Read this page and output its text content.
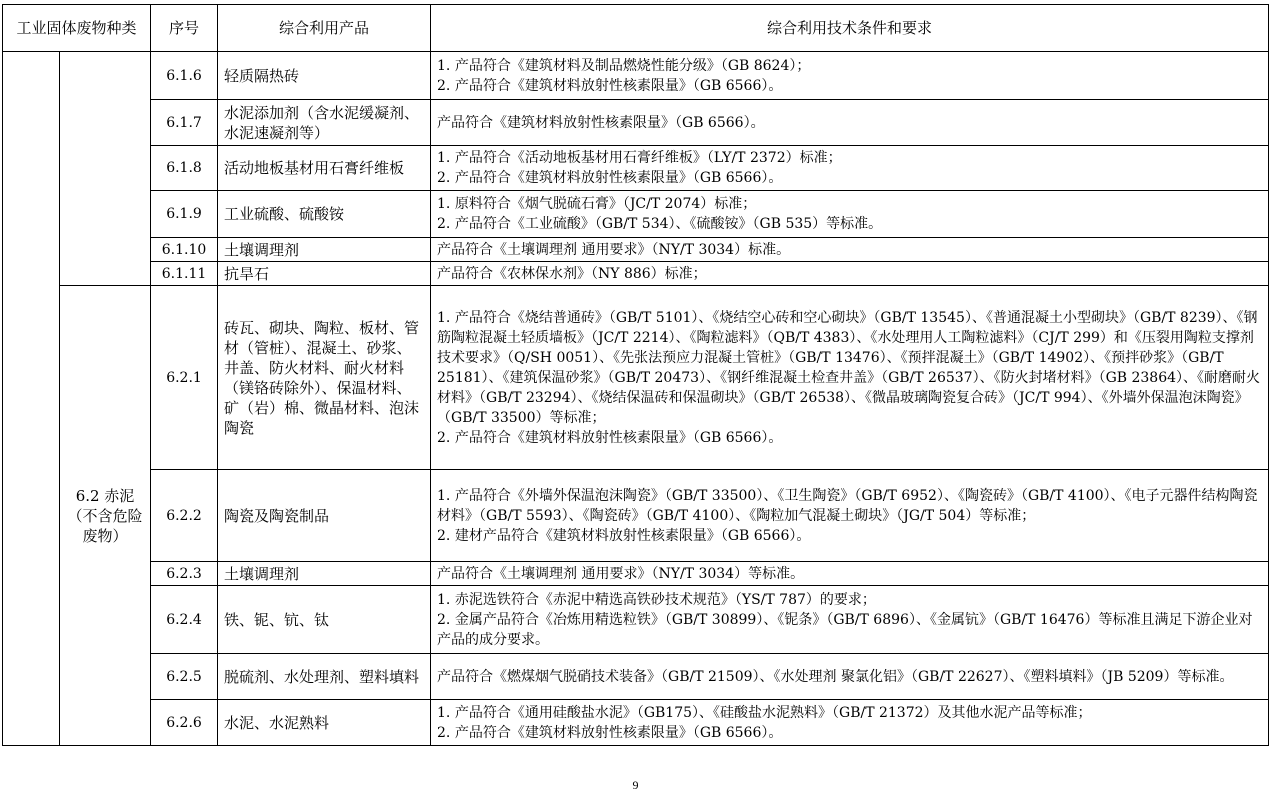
工业固体废物种类		序号	综合利用产品	综合利用技术条件和要求
		6.1.6	轻质隔热砖	1. 产品符合《建筑材料及制品燃烧性能分级》（GB 8624）；
2. 产品符合《建筑材料放射性核素限量》（GB 6566）。

		6.1.7	水泥添加剂（含水泥缓凝剂、水泥速凝剂等）	产品符合《建筑材料放射性核素限量》（GB 6566）。

		6.1.8	活动地板基材用石膏纤维板	1. 产品符合《活动地板基材用石膏纤维板》（LY/T 2372）标准；
2. 产品符合《建筑材料放射性核素限量》（GB 6566）。

		6.1.9	工业硫酸、硫酸铵	1. 原料符合《烟气脱硫石膏》（JC/T 2074）标准；
2. 产品符合《工业硫酸》（GB/T 534）、《硫酸铵》（GB 535）等标准。

		6.1.10	土壤调理剂	产品符合《土壤调理剂 通用要求》（NY/T 3034）标准。

		6.1.11	抗旱石	产品符合《农林保水剂》（NY 886）标准；

	6.2 赤泥（不含危险废物）	6.2.1	砖瓦、砌块、陶粒、板材、管材（管桩）、混凝土、砂浆、井盖、防火材料、耐火材料（镁铬砖除外）、保温材料、矿（岩）棉、微晶材料、泡沫陶瓷	1. 产品符合《烧结普通砖》（GB/T 5101）、《烧结空心砖和空心砌块》（GB/T 13545）、《普通混凝土小型砌块》（GB/T 8239）、《钢筋陶粒混凝土轻质墙板》（JC/T 2214）、《陶粒滤料》（QB/T 4383）、《水处理用人工陶粒滤料》（CJ/T 299）和《压裂用陶粒支撑剂技术要求》（Q/SH 0051）、《先张法预应力混凝土管桩》（GB/T 13476）、《预拌混凝土》（GB/T 14902）、《预拌砂浆》（GB/T 25181）、《建筑保温砂浆》（GB/T 20473）、《钢纤维混凝土检查井盖》（GB/T 26537）、《防火封堵材料》（GB 23864）、《耐磨耐火材料》（GB/T 23294）、《烧结保温砖和保温砌块》（GB/T 26538）、《微晶玻璃陶瓷复合砖》（JC/T 994）、《外墙外保温泡沫陶瓷》（GB/T 33500）等标准；
2. 产品符合《建筑材料放射性核素限量》（GB 6566）。

		6.2.2	陶瓷及陶瓷制品	1. 产品符合《外墙外保温泡沫陶瓷》（GB/T 33500）、《卫生陶瓷》（GB/T 6952）、《陶瓷砖》（GB/T 4100）、《电子元器件结构陶瓷材料》（GB/T 5593）、《陶瓷砖》（GB/T 4100）、《陶粒加气混凝土砌块》（JG/T 504）等标准；
2. 建材产品符合《建筑材料放射性核素限量》（GB 6566）。

		6.2.3	土壤调理剂	产品符合《土壤调理剂 通用要求》（NY/T 3034）等标准。

		6.2.4	铁、铌、钪、钛	1. 赤泥选铁符合《赤泥中精选高铁砂技术规范》（YS/T 787）的要求；
2. 金属产品符合《冶炼用精选粒铁》（GB/T 30899）、《铌条》（GB/T 6896）、《金属钪》（GB/T 16476）等标准且满足下游企业对产品的成分要求。

		6.2.5	脱硫剂、水处理剂、塑料填料	产品符合《燃煤烟气脱硝技术装备》（GB/T 21509）、《水处理剂 聚氯化铝》（GB/T 22627）、《塑料填料》（JB 5209）等标准。

		6.2.6	水泥、水泥熟料	1. 产品符合《通用硅酸盐水泥》（GB175）、《硅酸盐水泥熟料》（GB/T 21372）及其他水泥产品等标准；
2. 产品符合《建筑材料放射性核素限量》（GB 6566）。
9
